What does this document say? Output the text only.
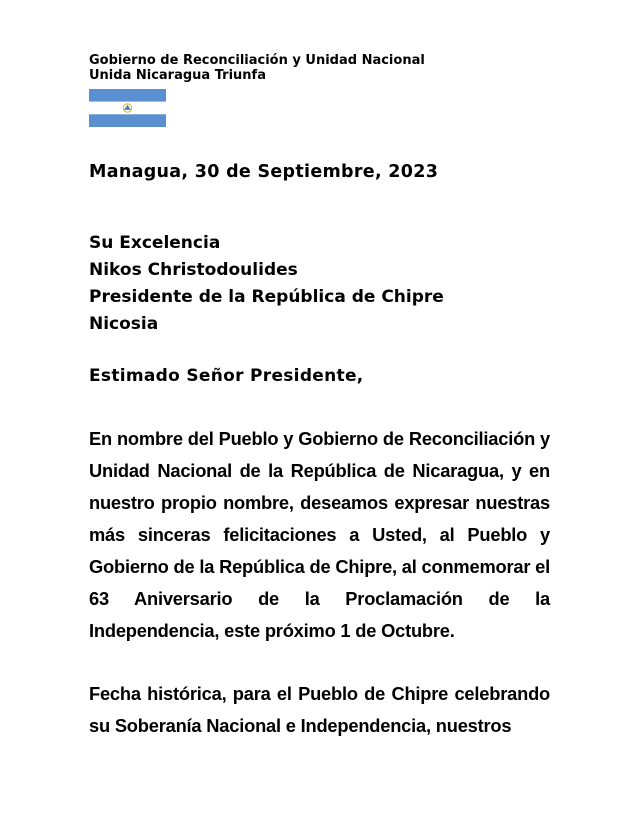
Gobierno de Reconciliación y Unidad Nacional
Unida Nicaragua Triunfa
Managua, 30 de Septiembre, 2023
Su Excelencia
Nikos Christodoulides
Presidente de la República de Chipre
Nicosia
Estimado Señor Presidente,

En nombre del Pueblo y Gobierno de Reconciliación y Unidad Nacional de la República de Nicaragua, y en nuestro propio nombre, deseamos expresar nuestras más sinceras felicitaciones a Usted, al Pueblo y Gobierno de la República de Chipre, al conmemorar el 63 Aniversario de la Proclamación de la Independencia, este próximo 1 de Octubre.

Fecha histórica, para el Pueblo de Chipre celebrando su Soberanía Nacional e Independencia, nuestros
